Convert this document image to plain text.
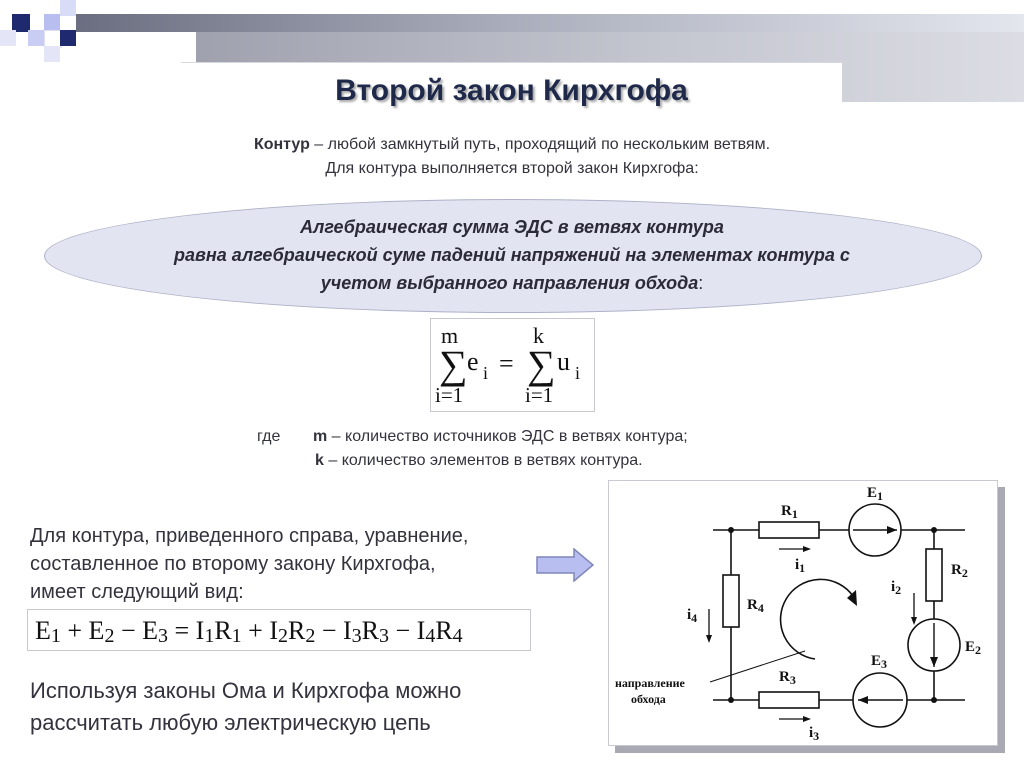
Второй закон Кирхгофа
Контур – любой замкнутый путь, проходящий по нескольким ветвям.
Для контура выполняется второй закон Кирхгофа:
Алгебраическая сумма ЭДС в ветвях контура
равна алгебраической суме падений напряжений на элементах контура с
учетом выбранного направления обхода:
m
∑ e i =
i=1
k
∑ u i
i=1
где m – количество источников ЭДС в ветвях контура;
k – количество элементов в ветвях контура.
Для контура, приведенного справа, уравнение,
составленное по второму закону Кирхгофа,
имеет следующий вид:
$E_1 + E_2 - E_3 = I_1R_1 + I_2R_2 - I_3R_3 - I_4R_4$
Используя законы Ома и Кирхгофа можно
рассчитать любую электрическую цепь
$R_1$
$E_1$
$i_1$	$R_2$
$i_2$
$E_2$
$R_4$
$i_4$
$R_3$
$E_3$
$i_3$
направление
обхода
